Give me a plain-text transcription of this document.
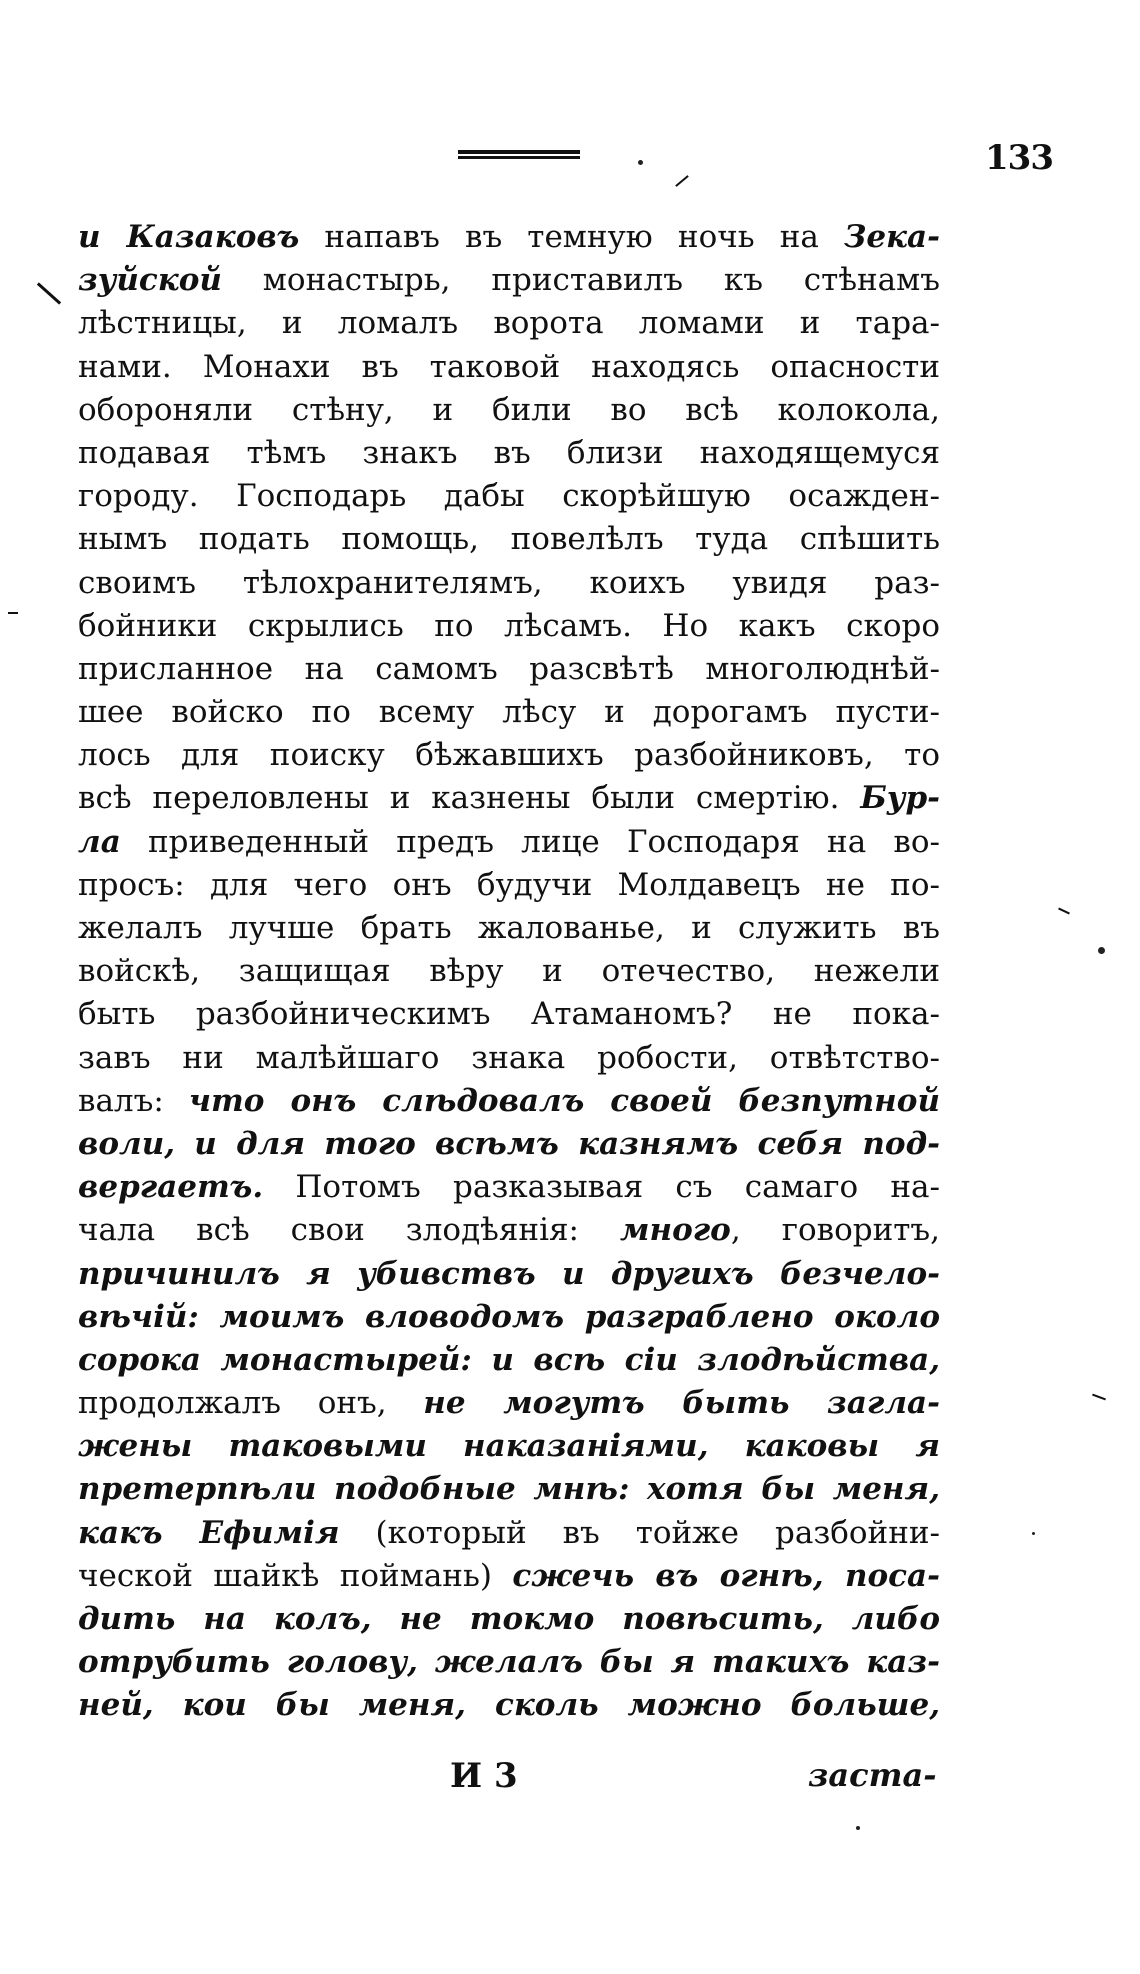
133
и Казаковъ напавъ въ темную ночь на Зека-
зуйской монастырь, приставилъ къ стѣнамъ
лѣстницы, и ломалъ ворота ломами и тара-
нами. Монахи въ таковой находясь опасности
обороняли стѣну, и били во всѣ колокола,
подавая тѣмъ знакъ въ близи находящемуся
городу. Господарь дабы скорѣйшую осажден-
нымъ подать помощь, повелѣлъ туда спѣшить
своимъ тѣлохранителямъ, коихъ увидя раз-
бойники скрылись по лѣсамъ. Но какъ скоро
присланное на самомъ разсвѣтѣ многолюднѣй-
шее войско по всему лѣсу и дорогамъ пусти-
лось для поиску бѣжавшихъ разбойниковъ, то
всѣ переловлены и казнены были смертію. Бур-
ла приведенный предъ лице Господаря на во-
просъ: для чего онъ будучи Молдавецъ не по-
желалъ лучше брать жалованье, и служить въ
войскѣ, защищая вѣру и отечество, нежели
быть разбойническимъ Атаманомъ? не пока-
завъ ни малѣйшаго знака робости, отвѣтство-
валъ: что онъ слѣдовалъ своей безпутной
воли, и для того всѣмъ казнямъ себя под-
вергаетъ. Потомъ разказывая съ самаго на-
чала всѣ свои злодѣянія: много, говоритъ,
причинилъ я убивствъ и другихъ безчело-
вѣчій: моимъ вловодомъ разграблено около
сорока монастырей: и всѣ сіи злодѣйства,
продолжалъ онъ, не могутъ быть загла-
жены таковыми наказаніями, каковы я
претерпѣли подобные мнѣ: хотя бы меня,
какъ Ефимія (который въ тойже разбойни-
ческой шайкѣ поймань) сжечь въ огнѣ, поса-
дить на колъ, не токмо повѣсить, либо
отрубить голову, желалъ бы я такихъ каз-
ней, кои бы меня, сколь можно больше,
И 3	заста-
